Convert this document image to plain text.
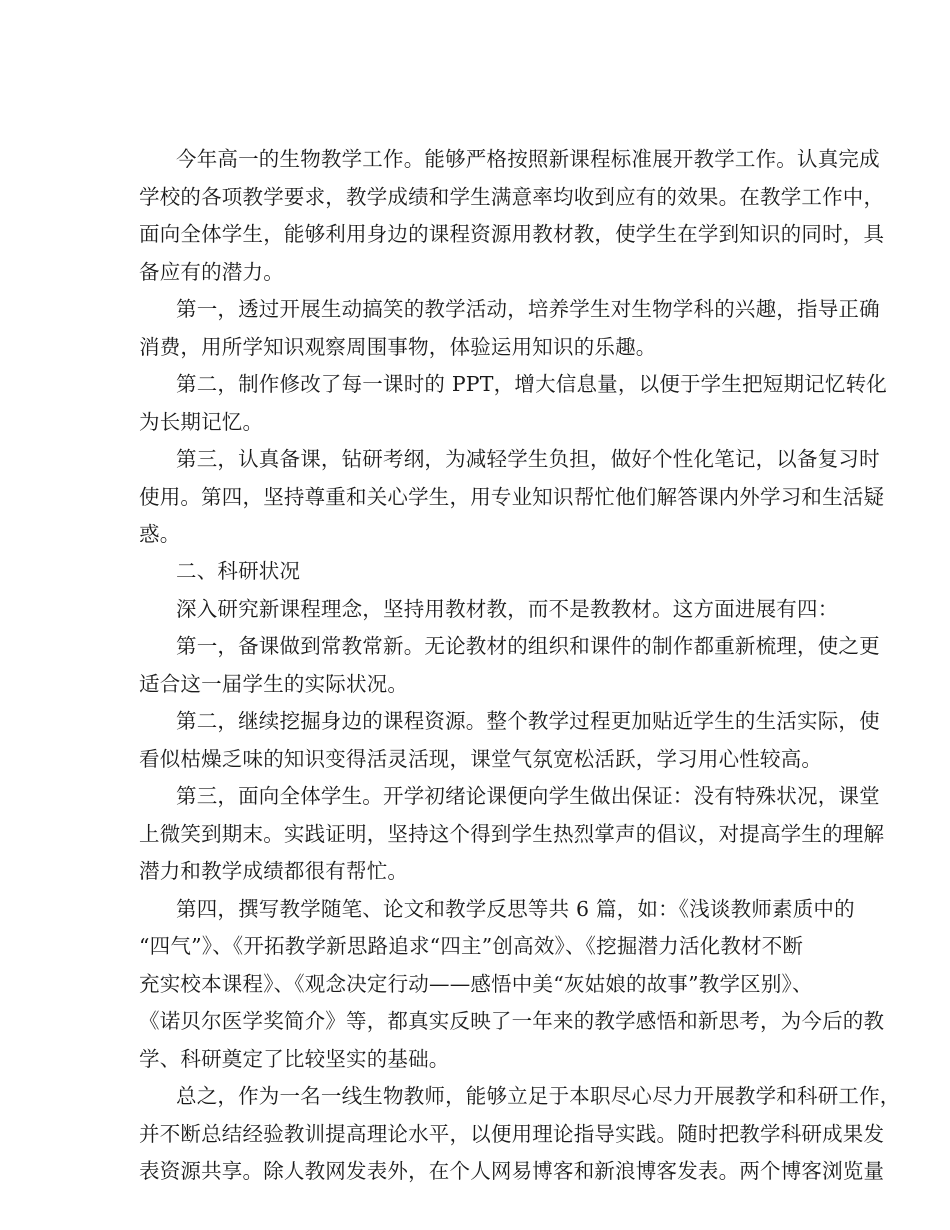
今年高一的生物教学工作。能够严格按照新课程标准展开教学工作。认真完成
学校的各项教学要求，教学成绩和学生满意率均收到应有的效果。在教学工作中，
面向全体学生，能够利用身边的课程资源用教材教，使学生在学到知识的同时，具
备应有的潜力。
第一，透过开展生动搞笑的教学活动，培养学生对生物学科的兴趣，指导正确
消费，用所学知识观察周围事物，体验运用知识的乐趣。
第二，制作修改了每一课时的 PPT，增大信息量，以便于学生把短期记忆转化
为长期记忆。
第三，认真备课，钻研考纲，为减轻学生负担，做好个性化笔记，以备复习时
使用。第四，坚持尊重和关心学生，用专业知识帮忙他们解答课内外学习和生活疑
惑。
二、科研状况
深入研究新课程理念，坚持用教材教，而不是教教材。这方面进展有四：
第一，备课做到常教常新。无论教材的组织和课件的制作都重新梳理，使之更
适合这一届学生的实际状况。
第二，继续挖掘身边的课程资源。整个教学过程更加贴近学生的生活实际，使
看似枯燥乏味的知识变得活灵活现，课堂气氛宽松活跃，学习用心性较高。
第三，面向全体学生。开学初绪论课便向学生做出保证：没有特殊状况，课堂
上微笑到期末。实践证明，坚持这个得到学生热烈掌声的倡议，对提高学生的理解
潜力和教学成绩都很有帮忙。
第四，撰写教学随笔、论文和教学反思等共 6 篇，如：《浅谈教师素质中的
“四气”》、《开拓教学新思路追求“四主”创高效》、《挖掘潜力活化教材不断
充实校本课程》、《观念决定行动——感悟中美“灰姑娘的故事”教学区别》、
《诺贝尔医学奖简介》等，都真实反映了一年来的教学感悟和新思考，为今后的教
学、科研奠定了比较坚实的基础。
总之，作为一名一线生物教师，能够立足于本职尽心尽力开展教学和科研工作，
并不断总结经验教训提高理论水平，以便用理论指导实践。随时把教学科研成果发
表资源共享。除人教网发表外，在个人网易博客和新浪博客发表。两个博客浏览量
